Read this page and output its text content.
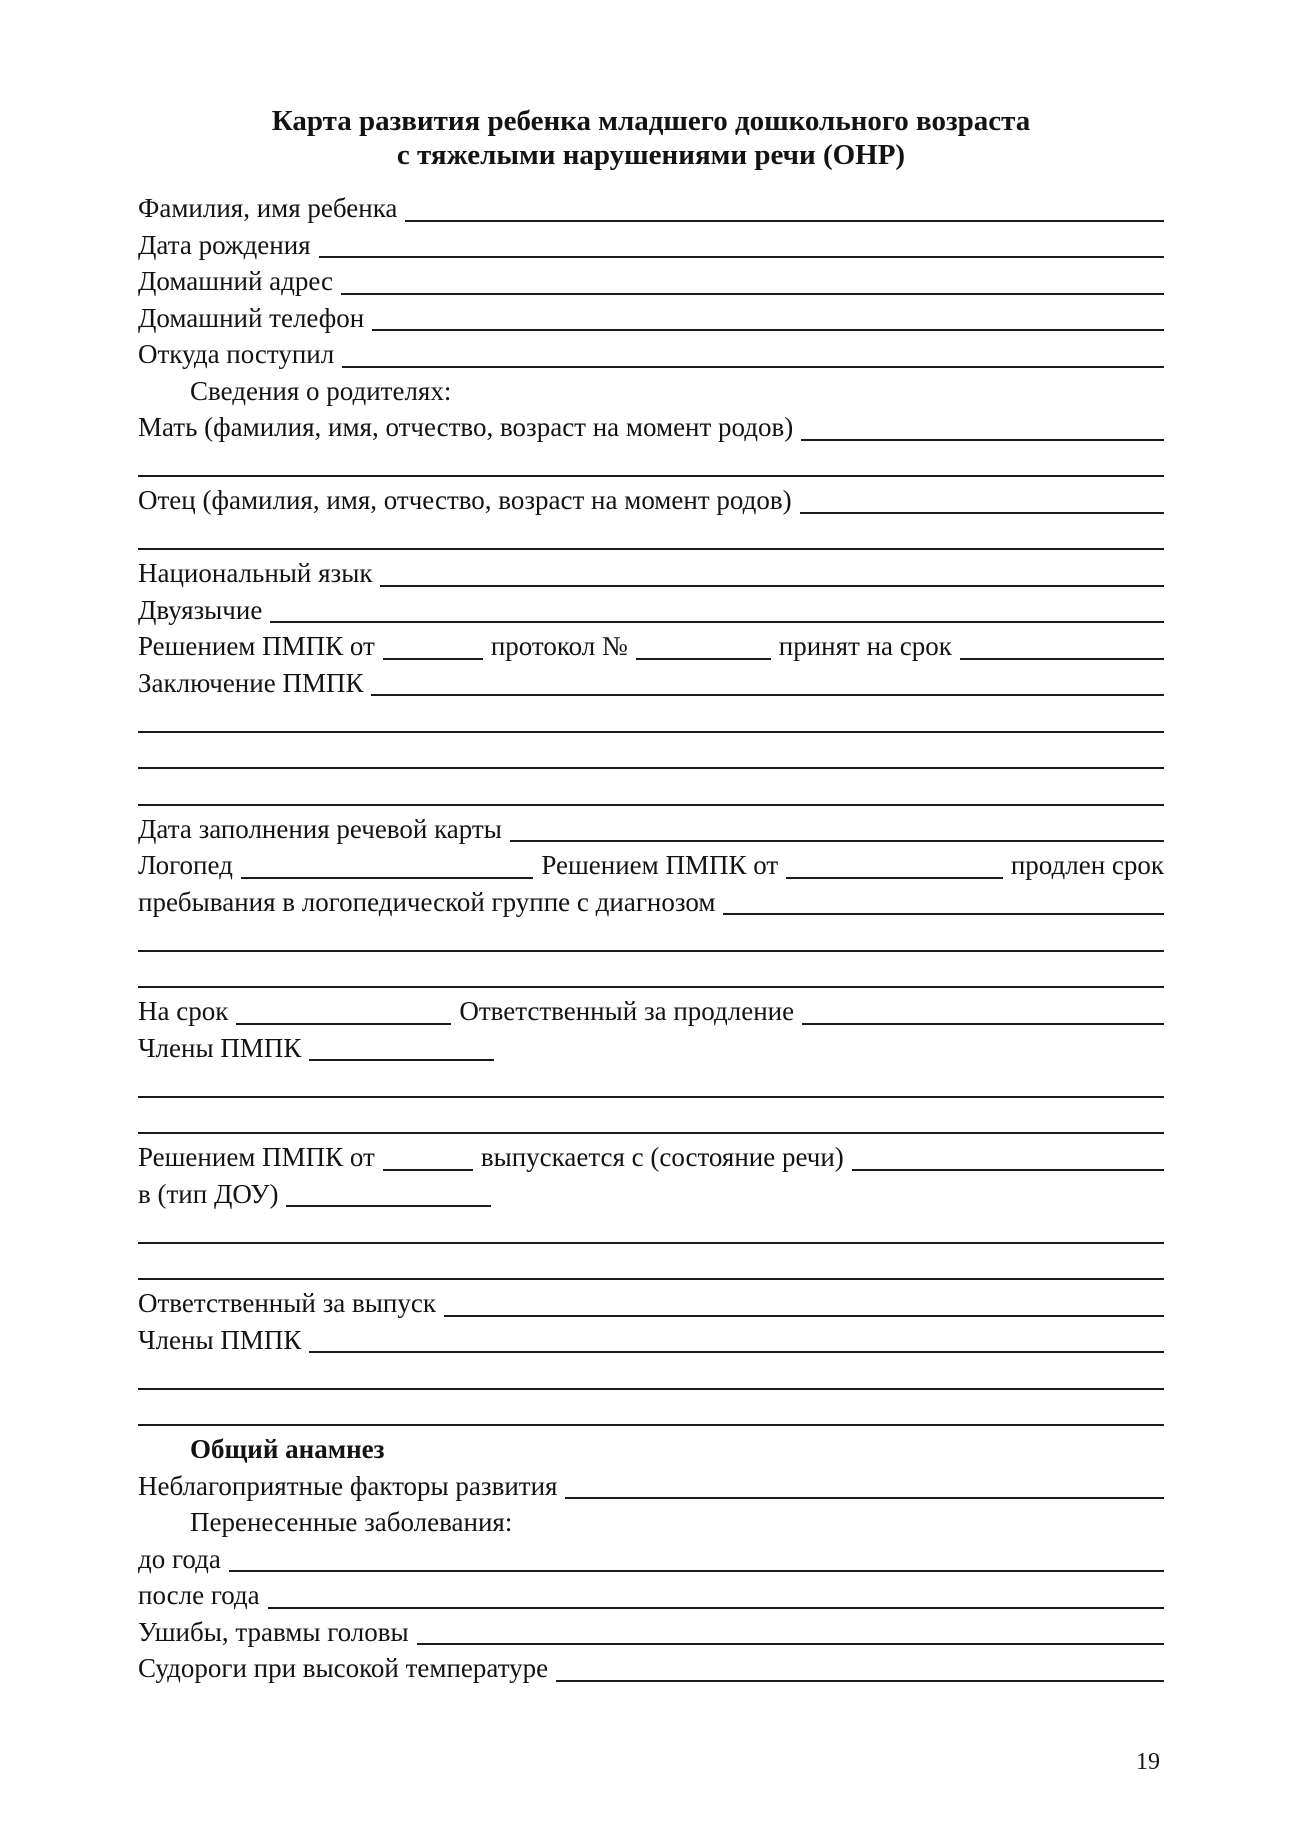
Карта развития ребенка младшего дошкольного возраста
с тяжелыми нарушениями речи (ОНР)
Фамилия, имя ребенка
Дата рождения
Домашний адрес
Домашний телефон
Откуда поступил
Сведения о родителях:
Мать (фамилия, имя, отчество, возраст на момент родов)
Отец (фамилия, имя, отчество, возраст на момент родов)
Национальный язык
Двуязычие
Решением ПМПК от	протокол №	принят на срок
Заключение ПМПК
Дата заполнения речевой карты
Логопед	Решением ПМПК от	продлен срок
пребывания в логопедической группе с диагнозом
На срок	Ответственный за продление
Члены ПМПК
Решением ПМПК от	выпускается с (состояние речи)
в (тип ДОУ)
Ответственный за выпуск
Члены ПМПК
Общий анамнез
Неблагоприятные факторы развития
Перенесенные заболевания:
до года
после года
Ушибы, травмы головы
Судороги при высокой температуре
19
